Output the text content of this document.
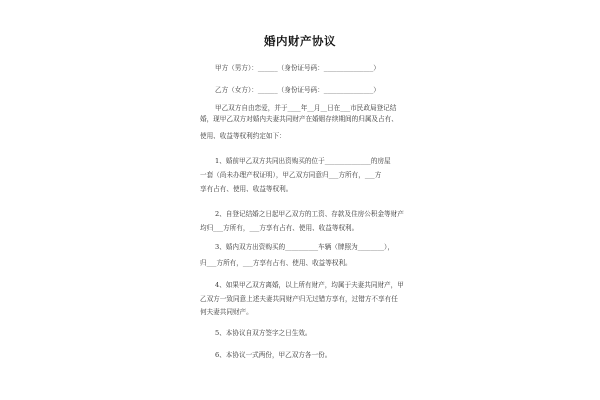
婚内财产协议
甲方（男方）：______（身份证号码：_______________）
乙方（女方）：______（身份证号码：_______________）
甲乙双方自由恋爱，并于____年__月__日在___市民政局登记结
婚，现甲乙双方对婚内夫妻共同财产在婚姻存续期间的归属及占有、
使用、收益等权利约定如下：
1、婚前甲乙双方共同出资购买的位于______________的房屋
一套（尚未办理产权证明），甲乙双方同意归___方所有，___方
享有占有、使用、收益等权利。
2、自登记结婚之日起甲乙双方的工资、存款及住房公积金等财产
均归___方所有，___方享有占有、使用、收益等权利。
3、婚内双方出资购买的__________车辆（牌照为________），
归___方所有，___方享有占有、使用、收益等权利。
4、如果甲乙双方离婚，以上所有财产，均属于夫妻共同财产，甲
乙双方一致同意上述夫妻共同财产归无过错方享有，过错方不享有任
何夫妻共同财产。
5、本协议自双方签字之日生效。
6、本协议一式两份，甲乙双方各一份。
